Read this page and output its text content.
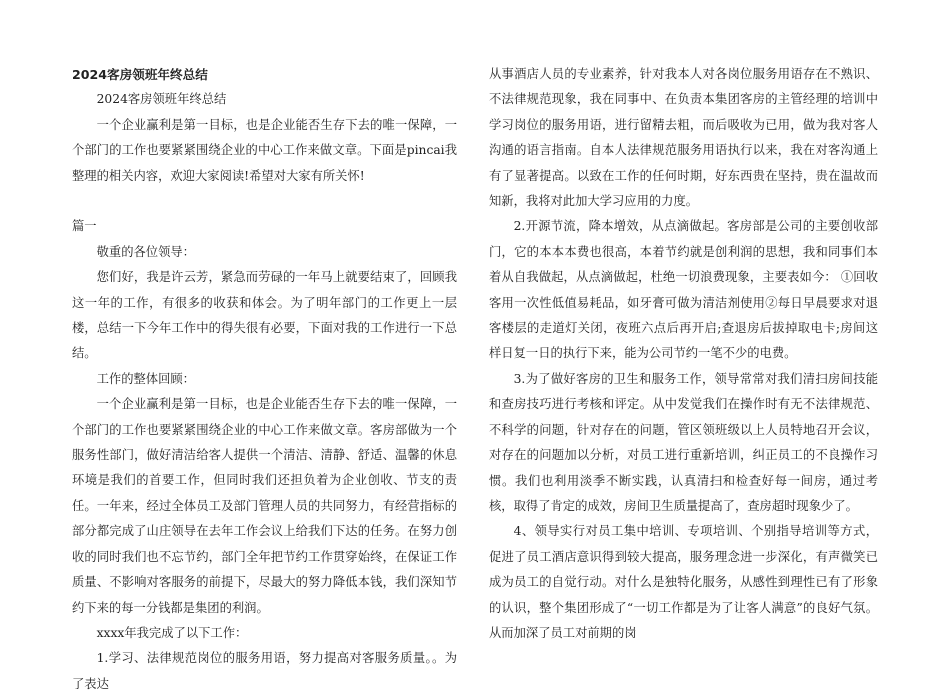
2024客房领班年终总结

2024客房领班年终总结

一个企业赢利是第一目标，也是企业能否生存下去的唯一保障，一个部门的工作也要紧紧围绕企业的中心工作来做文章。下面是pincai我整理的相关内容，欢迎大家阅读!希望对大家有所关怀!

篇一

敬重的各位领导：

您们好，我是许云芳，紧急而劳碌的一年马上就要结束了，回顾我这一年的工作，有很多的收获和体会。为了明年部门的工作更上一层楼，总结一下今年工作中的得失很有必要，下面对我的工作进行一下总结。

工作的整体回顾：

一个企业赢利是第一目标，也是企业能否生存下去的唯一保障，一个部门的工作也要紧紧围绕企业的中心工作来做文章。客房部做为一个服务性部门，做好清洁给客人提供一个清洁、清静、舒适、温馨的休息环境是我们的首要工作，但同时我们还担负着为企业创收、节支的责任。一年来，经过全体员工及部门管理人员的共同努力，有经营指标的部分都完成了山庄领导在去年工作会议上给我们下达的任务。在努力创收的同时我们也不忘节约，部门全年把节约工作贯穿始终，在保证工作质量、不影响对客服务的前提下，尽最大的努力降低本钱，我们深知节约下来的每一分钱都是集团的利润。

xxxx年我完成了以下工作：

1.学习、法律规范岗位的服务用语，努力提高对客服务质量。。为了表达

从事酒店人员的专业素养，针对我本人对各岗位服务用语存在不熟识、不法律规范现象，我在同事中、在负责本集团客房的主管经理的培训中学习岗位的服务用语，进行留精去粗，而后吸收为已用，做为我对客人沟通的语言指南。自本人法律规范服务用语执行以来，我在对客沟通上有了显著提高。以致在工作的任何时期，好东西贵在坚持，贵在温故而知新，我将对此加大学习应用的力度。

2.开源节流，降本增效，从点滴做起。客房部是公司的主要创收部门，它的本本本费也很高，本着节约就是创利润的思想，我和同事们本着从自我做起，从点滴做起，杜绝一切浪费现象，主要表如今： ①回收客用一次性低值易耗品，如牙膏可做为清洁剂使用②每日早晨要求对退客楼层的走道灯关闭，夜班六点后再开启;查退房后拔掉取电卡;房间这样日复一日的执行下来，能为公司节约一笔不少的电费。

3.为了做好客房的卫生和服务工作，领导常常对我们清扫房间技能和查房技巧进行考核和评定。从中发觉我们在操作时有无不法律规范、不科学的问题，针对存在的问题，管区领班级以上人员特地召开会议，对存在的问题加以分析，对员工进行重新培训，纠正员工的不良操作习惯。我们也利用淡季不断实践，认真清扫和检查好每一间房，通过考核，取得了肯定的成效，房间卫生质量提高了，查房超时现象少了。

4、领导实行对员工集中培训、专项培训、个别指导培训等方式，促进了员工酒店意识得到较大提高，服务理念进一步深化，有声微笑已成为员工的自觉行动。对什么是独特化服务，从感性到理性已有了形象的认识，整个集团形成了“一切工作都是为了让客人满意”的良好气氛。从而加深了员工对前期的岗
